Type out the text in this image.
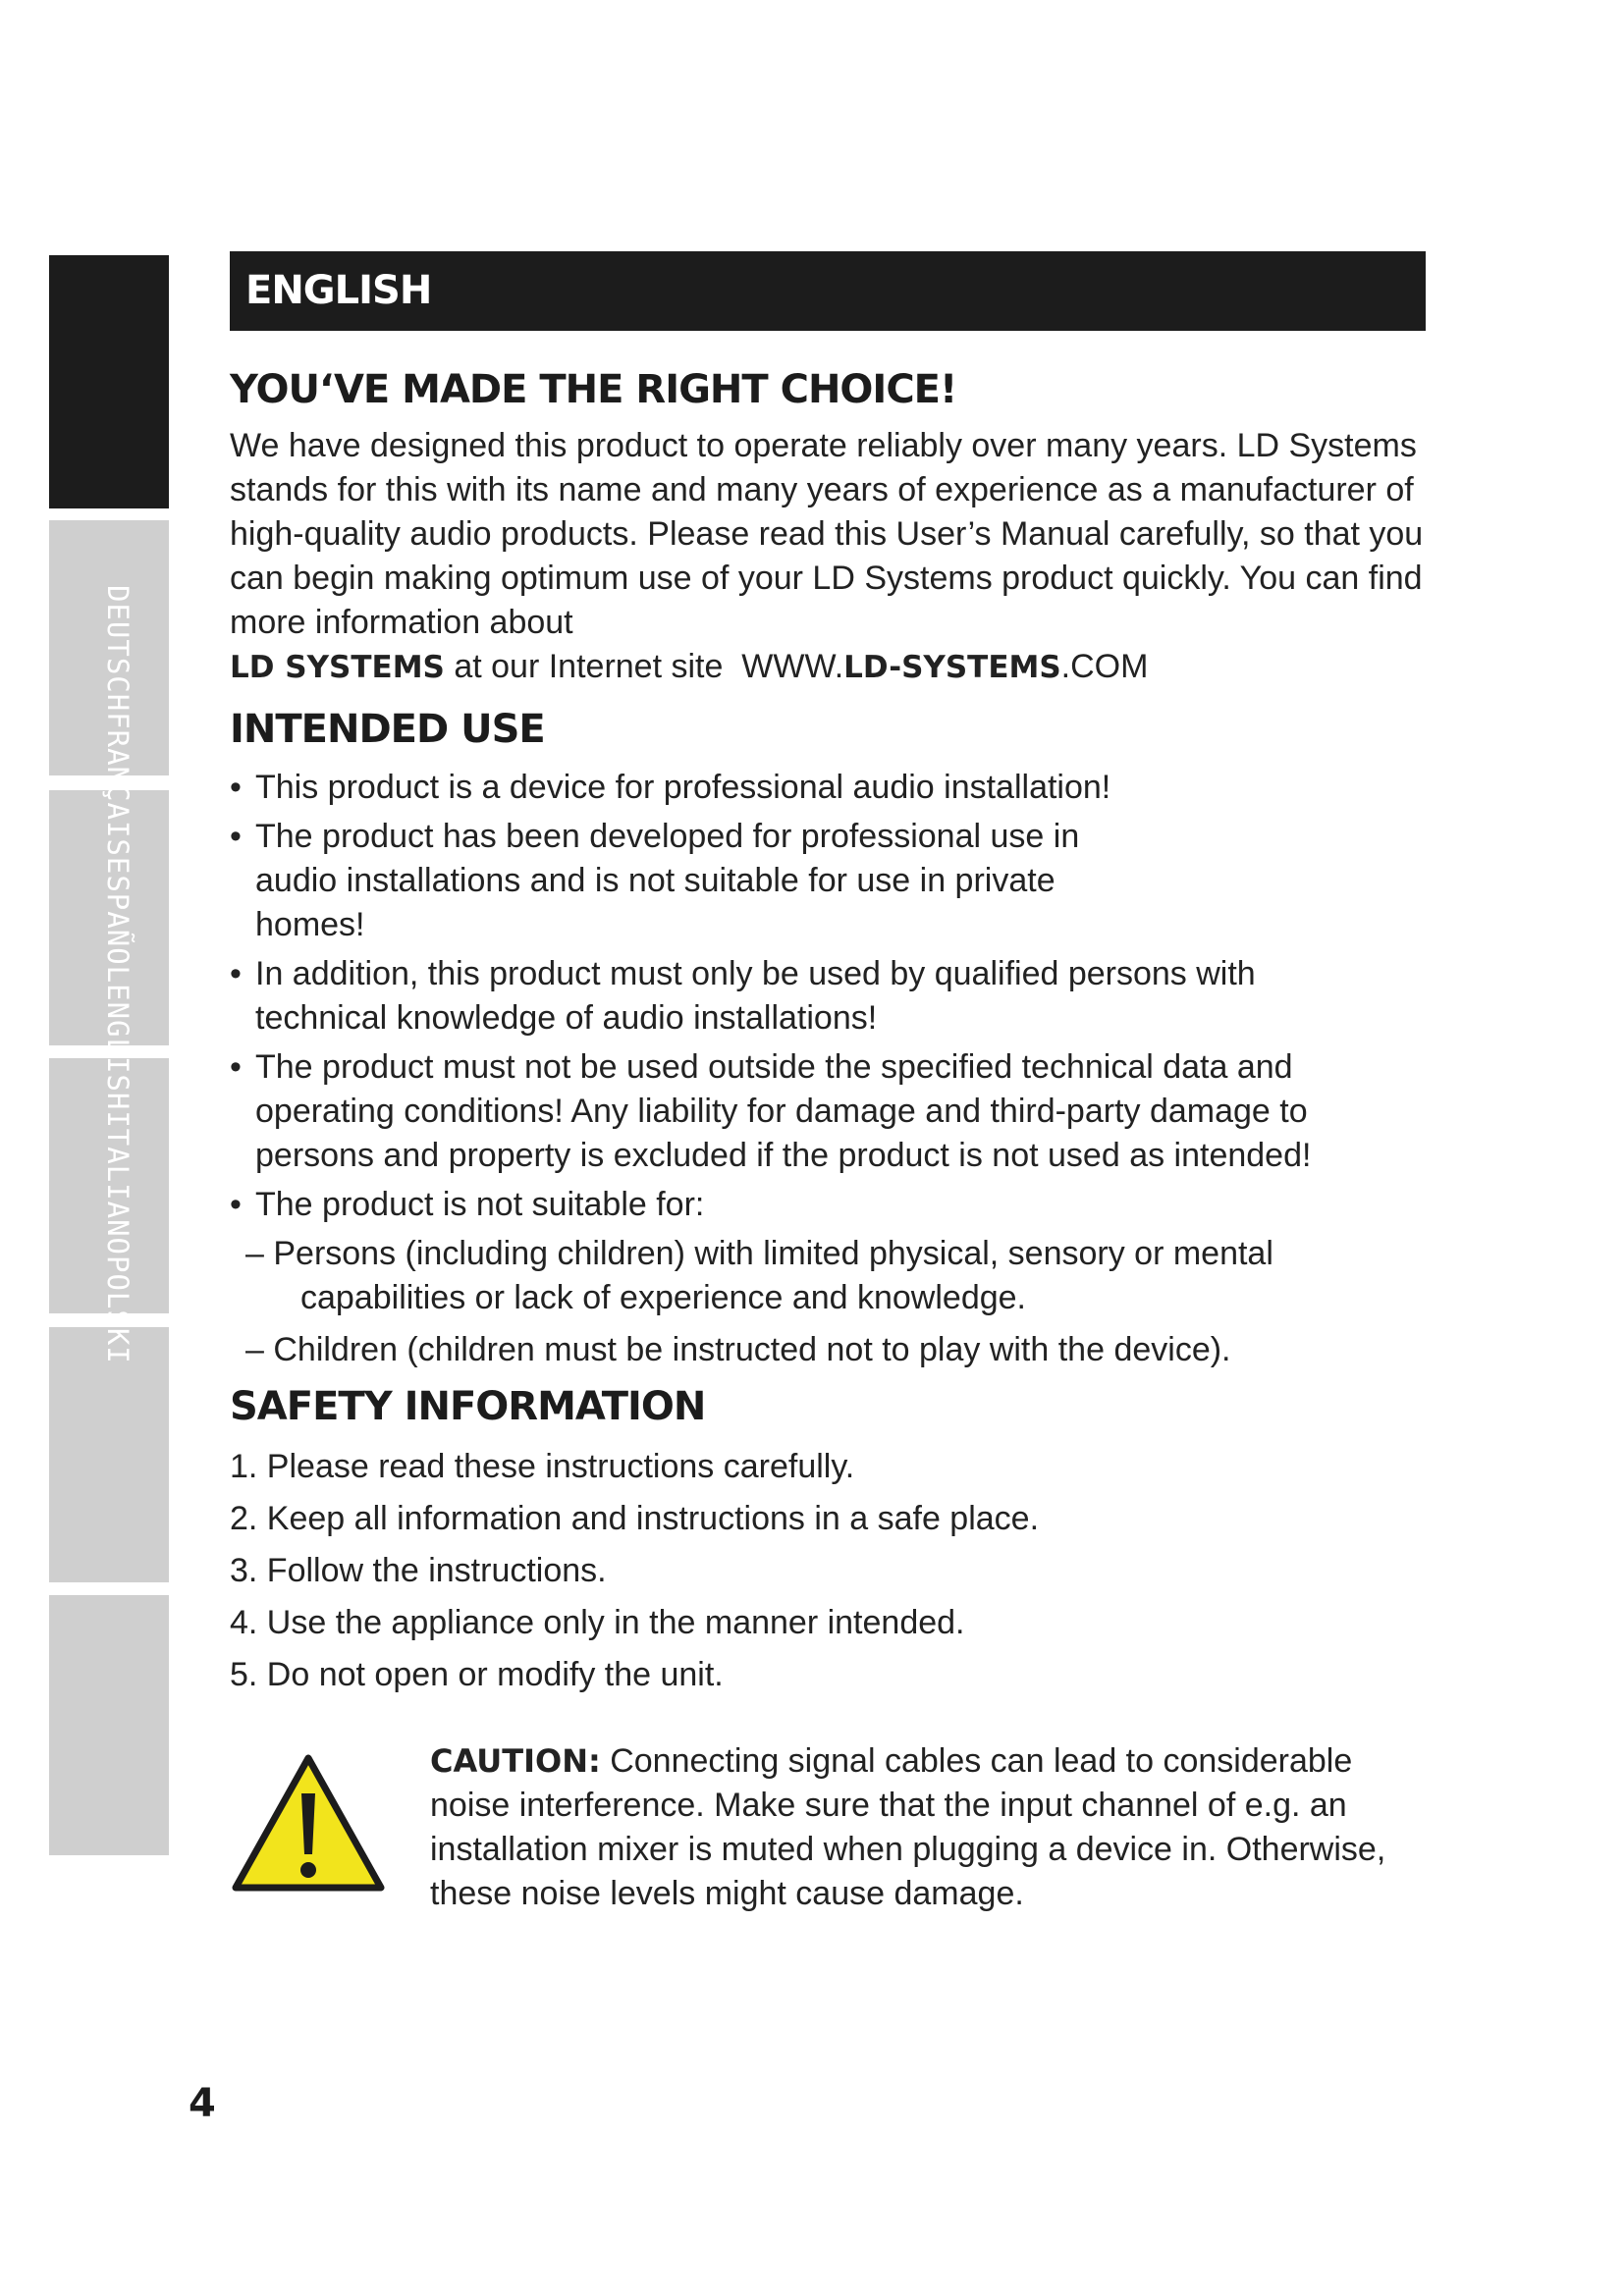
DEUTSCHFRANÇAISESPAÑOLENGLISHITALIANOPOLSKI
ENGLISH
YOU‘VE MADE THE RIGHT CHOICE!

We have designed this product to operate reliably over many years. LD Systems stands for this with its name and many years of experience as a manufacturer of high-quality audio products. Please read this User’s Manual carefully, so that you can begin making optimum use of your LD Systems product quickly. You can find more information about
LD SYSTEMS at our Internet site WWW.LD-SYSTEMS.COM

INTENDED USE
• This product is a device for professional audio installation!
• The product has been developed for professional use in audio installations and is not suitable for use in private homes!
• In addition, this product must only be used by qualified persons with technical knowledge of audio installations!
• The product must not be used outside the specified technical data and operating conditions! Any liability for damage and third-party damage to persons and property is excluded if the product is not used as intended!
• The product is not suitable for:
– Persons (including children) with limited physical, sensory or mental capabilities or lack of experience and knowledge.
– Children (children must be instructed not to play with the device).
SAFETY INFORMATION
1. Please read these instructions carefully.
2. Keep all information and instructions in a safe place.
3. Follow the instructions.
4. Use the appliance only in the manner intended.
5. Do not open or modify the unit.

CAUTION: Connecting signal cables can lead to considerable noise interference. Make sure that the input channel of e.g. an installation mixer is muted when plugging a device in. Otherwise, these noise levels might cause damage.

4
